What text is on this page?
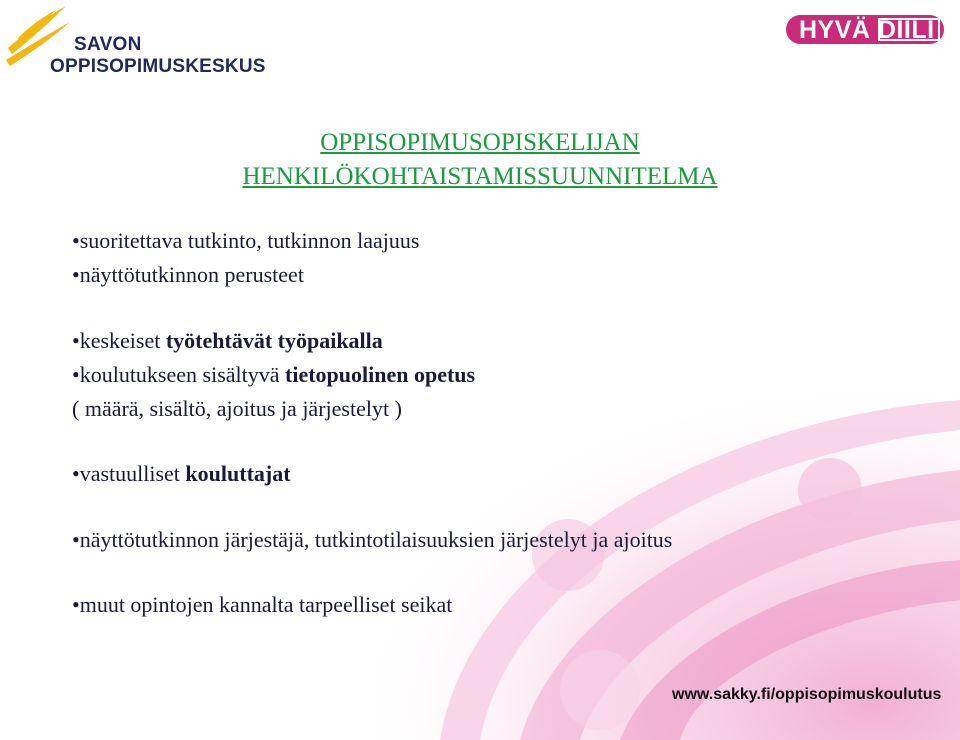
SAVON
OPPISOPIMUSKESKUS
HYVÄ DIILI
OPPISOPIMUSOPISKELIJAN
HENKILÖKOHTAISTAMISSUUNNITELMA
•suoritettava tutkinto, tutkinnon laajuus
•näyttötutkinnon perusteet
•keskeiset työtehtävät työpaikalla
•koulutukseen sisältyvä tietopuolinen opetus
( määrä, sisältö, ajoitus ja järjestelyt )
•vastuulliset kouluttajat
•näyttötutkinnon järjestäjä, tutkintotilaisuuksien järjestelyt ja ajoitus
•muut opintojen kannalta tarpeelliset seikat
www.sakky.fi/oppisopimuskoulutus
